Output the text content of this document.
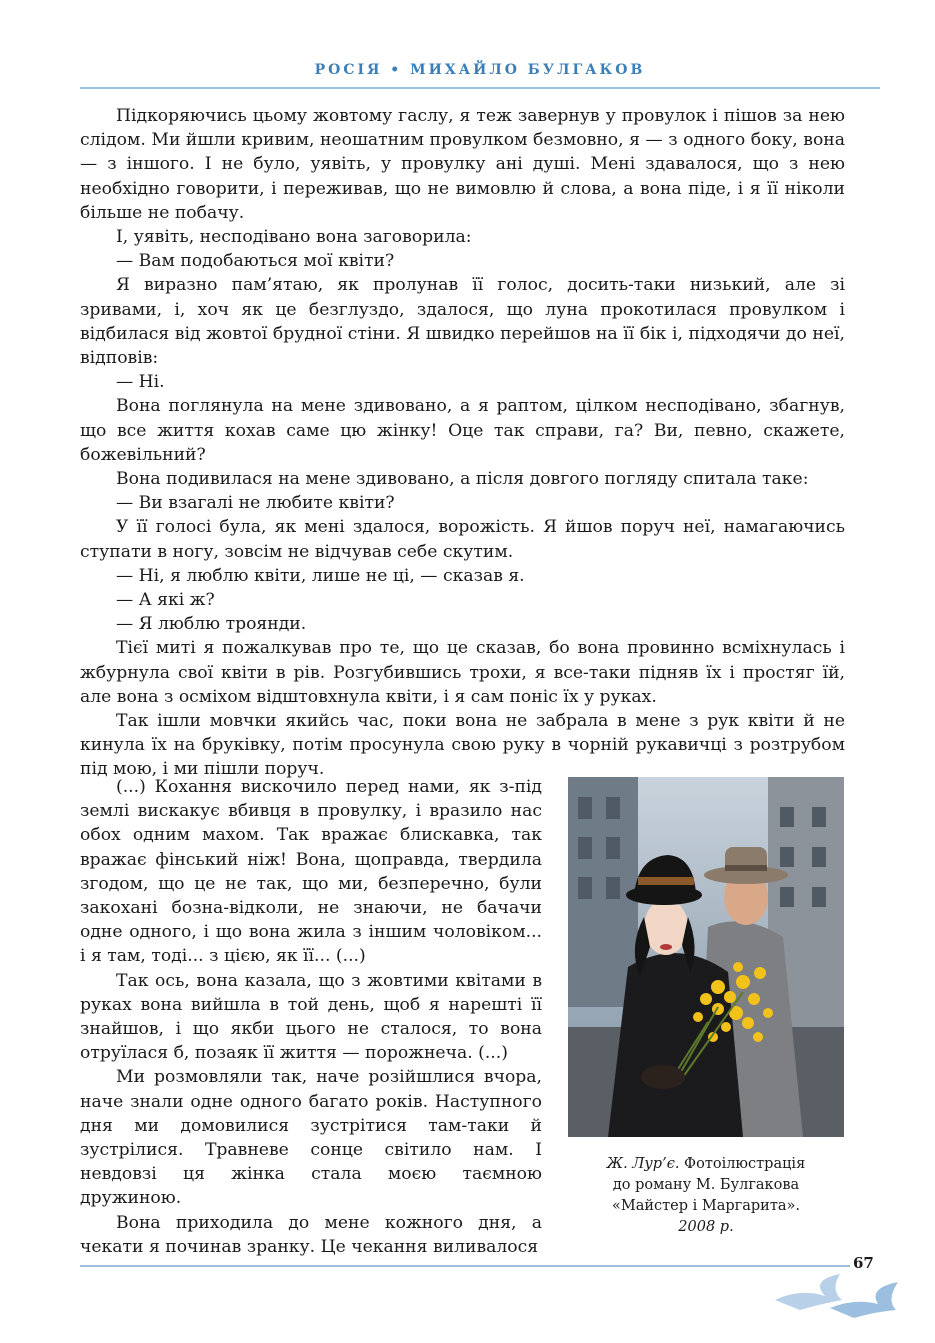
РОСІЯ • МИХАЙЛО БУЛГАКОВ

Підкоряючись цьому жовтому гаслу, я теж завернув у провулок і пішов за нею слідом. Ми йшли кривим, неошатним провулком безмовно, я — з одного боку, вона — з іншого. І не було, уявіть, у провулку ані душі. Мені здавалося, що з нею необхідно говорити, і переживав, що не вимовлю й слова, а вона піде, і я її ніколи більше не побачу.

І, уявіть, несподівано вона заговорила:

— Вам подобаються мої квіти?

Я виразно пам’ятаю, як пролунав її голос, досить-таки низький, але зі зривами, і, хоч як це безглуздо, здалося, що луна прокотилася провулком і відбилася від жовтої брудної стіни. Я швидко перейшов на її бік і, підходячи до неї, відповів:

— Ні.

Вона поглянула на мене здивовано, а я раптом, цілком несподівано, збагнув, що все життя кохав саме цю жінку! Оце так справи, га? Ви, певно, скажете, божевільний?

Вона подивилася на мене здивовано, а після довгого погляду спитала таке:

— Ви взагалі не любите квіти?

У її голосі була, як мені здалося, ворожість. Я йшов поруч неї, намагаючись ступати в ногу, зовсім не відчував себе скутим.

— Ні, я люблю квіти, лише не ці, — сказав я.

— А які ж?

— Я люблю троянди.

Тієї миті я пожалкував про те, що це сказав, бо вона провинно всміхнулась і жбурнула свої квіти в рів. Розгубившись трохи, я все-таки підняв їх і простяг їй, але вона з осміхом відштовхнула квіти, і я сам поніс їх у руках.

Так ішли мовчки якийсь час, поки вона не забрала в мене з рук квіти й не кинула їх на бруківку, потім просунула свою руку в чорній рукавичці з розтрубом під мою, і ми пішли поруч.

(...) Кохання вискочило перед нами, як з-під землі вискакує вбивця в провулку, і вразило нас обох одним махом. Так вражає блискавка, так вражає фінський ніж! Вона, щоправда, твердила згодом, що це не так, що ми, безперечно, були закохані бозна-відколи, не знаючи, не бачачи одне одного, і що вона жила з іншим чоловіком... і я там, тоді... з цією, як її... (...)

Так ось, вона казала, що з жовтими квітами в руках вона вийшла в той день, щоб я нарешті її знайшов, і що якби цього не сталося, то вона отруїлася б, позаяк її життя — порожнеча. (...)

Ми розмовляли так, наче розійшлися вчора, наче знали одне одного багато років. Наступного дня ми домовилися зустрітися там-таки й зустрілися. Травневе сонце світило нам. І невдовзі ця жінка стала моєю таємною дружиною.

Вона приходила до мене кожного дня, а чекати я починав зранку. Це чекання виливалося

Ж. Лур’є. Фотоілюстрація
до роману М. Булгакова
«Майстер і Маргарита».
2008 р.
67
